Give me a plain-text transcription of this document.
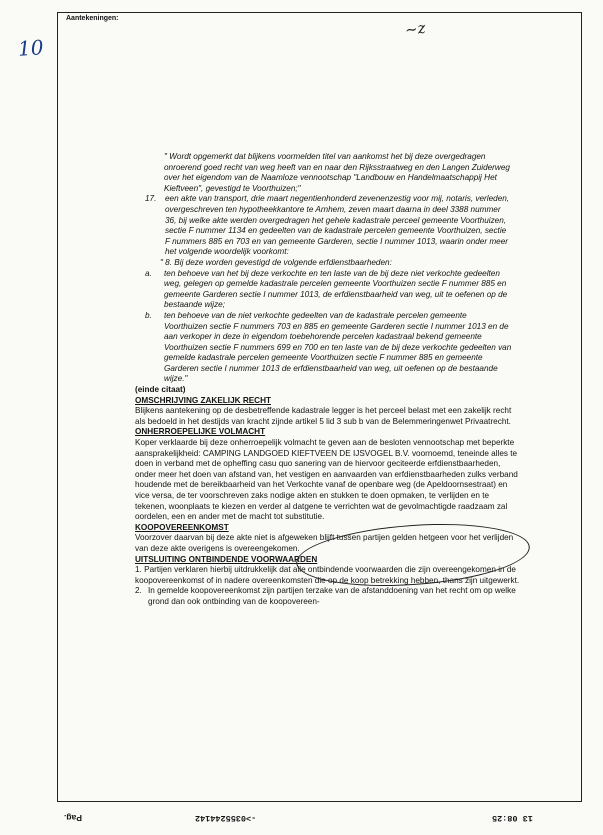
Aantekeningen:
10
~z

" Wordt opgemerkt dat blijkens voormelden titel van aankomst het bij deze overgedragen onroerend goed recht van weg heeft van en naar den Rijksstraatweg en den Langen Zuiderweg over het eigendom van de Naamloze vennootschap "Landbouw en Handelmaatschappij Het Kieftveen", gevestigd te Voorthuizen;"

17.	een akte van transport, drie maart negentienhonderd zevenenzestig voor mij, notaris, verleden, overgeschreven ten hypotheekkantore te Arnhem, zeven maart daarna in deel 3388 nummer 36, bij welke akte werden overgedragen het gehele kadastrale perceel gemeente Voorthuizen, sectie F nummer 1134 en gedeelten van de kadastrale percelen gemeente Voorthuizen, sectie F nummers 885 en 703 en van gemeente Garderen, sectie I nummer 1013, waarin onder meer het volgende woordelijk voorkomt:

" 8. Bij deze worden gevestigd de volgende erfdienstbaarheden:

a.	ten behoeve van het bij deze verkochte en ten laste van de bij deze niet verkochte gedeelten weg, gelegen op gemelde kadastrale percelen gemeente Voorthuizen sectie F nummer 885 en gemeente Garderen sectie I nummer 1013, de erfdienstbaarheid van weg, uit te oefenen op de bestaande wijze;
b.	ten behoeve van de niet verkochte gedeelten van de kadastrale percelen gemeente Voorthuizen sectie F nummers 703 en 885 en gemeente Garderen sectie I nummer 1013 en de aan verkoper in deze in eigendom toebehorende percelen kadastraal bekend gemeente Voorthuizen sectie F nummers 699 en 700 en ten laste van de bij deze verkochte gedeelten van gemelde kadastrale percelen gemeente Voorthuizen sectie F nummer 885 en gemeente Garderen sectie I nummer 1013 de erfdienstbaarheid van weg, uit oefenen op de bestaande wijze."

(einde citaat)

OMSCHRIJVING ZAKELIJK RECHT

Blijkens aantekening op de desbetreffende kadastrale legger is het perceel belast met een zakelijk recht als bedoeld in het destijds van kracht zijnde artikel 5 lid 3 sub b van de Belemmeringenwet Privaatrecht.

ONHERROEPELIJKE VOLMACHT

Koper verklaarde bij deze onherroepelijk volmacht te geven aan de besloten vennootschap met beperkte aansprakelijkheid: CAMPING LANDGOED KIEFTVEEN DE IJSVOGEL B.V. voornoemd, teneinde alles te doen in verband met de opheffing casu quo sanering van de hiervoor geciteerde erfdienstbaarheden, onder meer het doen van afstand van, het vestigen en aanvaarden van erfdienstbaarheden zulks verband houdende met de bereikbaarheid van het Verkochte vanaf de openbare weg (de Apeldoornsestraat) en vice versa, de ter voorschreven zaks nodige akten en stukken te doen opmaken, te verlijden en te tekenen, woonplaats te kiezen en verder al datgene te verrichten wat de gevolmachtigde raadzaam zal oordelen, een en ander met de macht tot substitutie.

KOOPOVEREENKOMST

Voorzover daarvan bij deze akte niet is afgeweken blijft tussen partijen gelden hetgeen voor het verlijden van deze akte overigens is overeengekomen.

UITSLUITING ONTBINDENDE VOORWAARDEN

1. Partijen verklaren hierbij uitdrukkelijk dat alle ontbindende voorwaarden die zijn overeengekomen in de koopovereenkomst of in nadere overeenkomsten die op de koop betrekking hebben, thans zijn uitgewerkt.

2. In gemelde koopovereenkomst zijn partijen terzake van de afstanddoening van het recht om op welke grond dan ook ontbinding van de koopovereen-
Pag.	->0355244142	13 08:25
